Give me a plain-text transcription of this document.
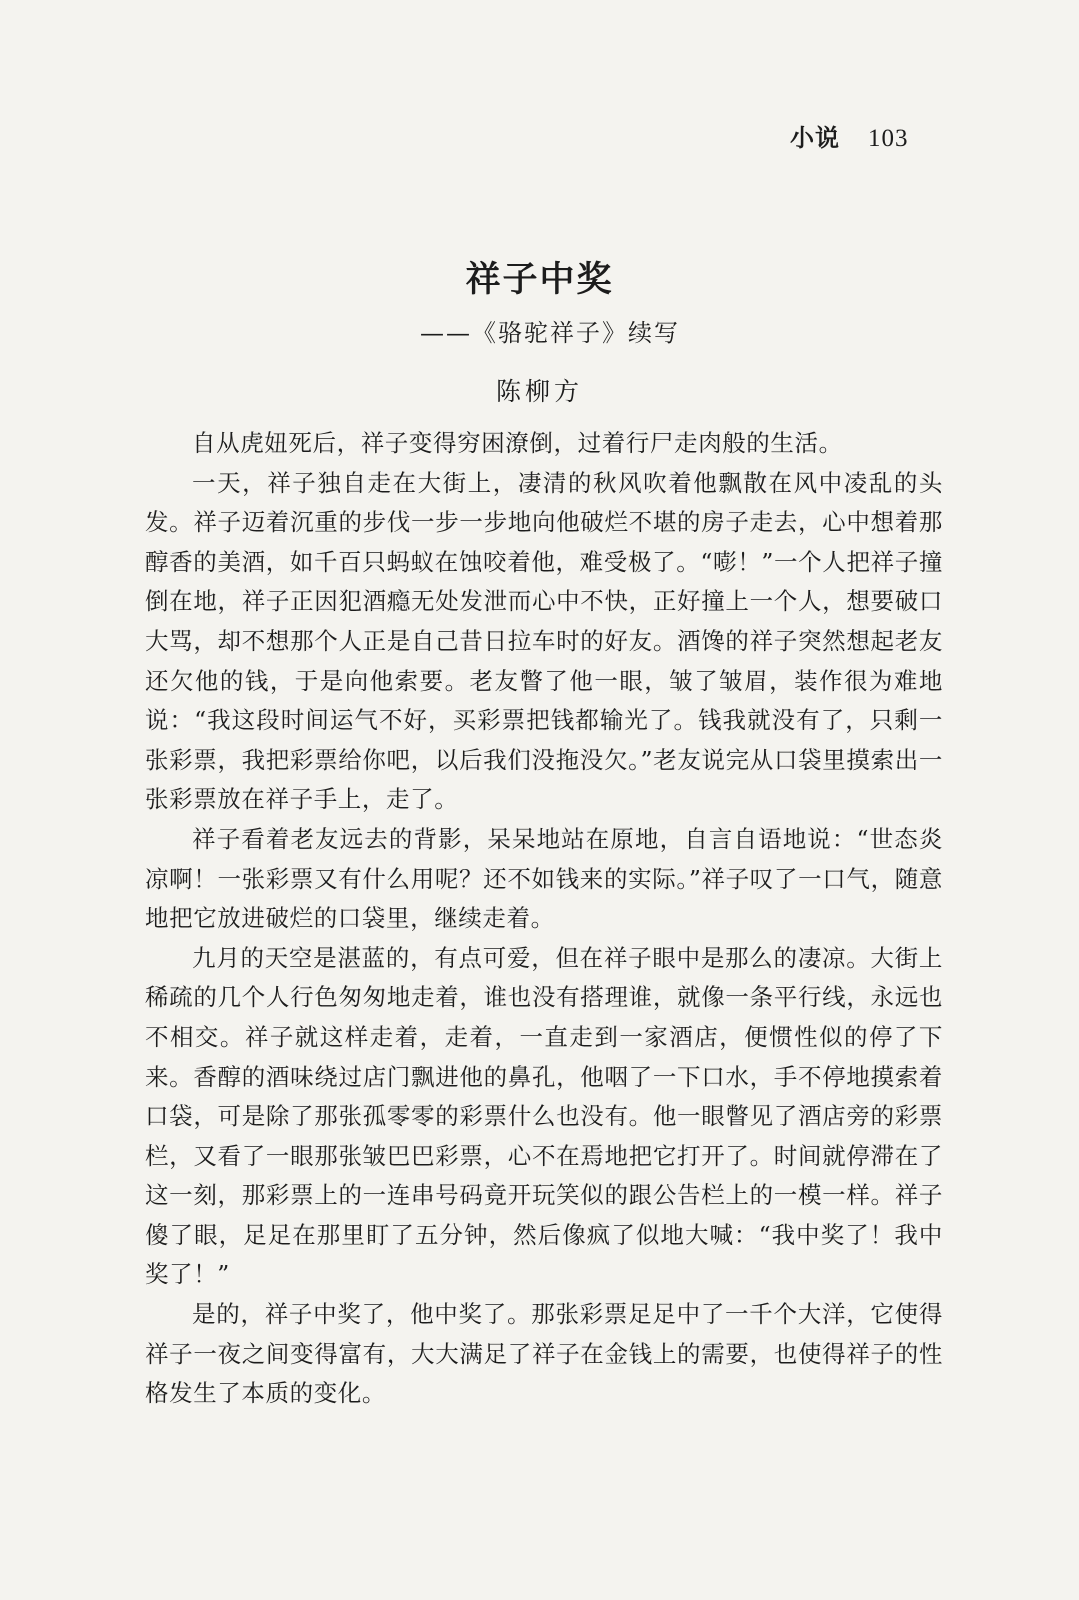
小说 103
祥子中奖
——《骆驼祥子》续写
陈柳方

自从虎妞死后，祥子变得穷困潦倒，过着行尸走肉般的生活。

一天，祥子独自走在大街上，凄清的秋风吹着他飘散在风中凌乱的头发。祥子迈着沉重的步伐一步一步地向他破烂不堪的房子走去，心中想着那醇香的美酒，如千百只蚂蚁在蚀咬着他，难受极了。“嘭！”一个人把祥子撞倒在地，祥子正因犯酒瘾无处发泄而心中不快，正好撞上一个人，想要破口大骂，却不想那个人正是自己昔日拉车时的好友。酒馋的祥子突然想起老友还欠他的钱，于是向他索要。老友瞥了他一眼，皱了皱眉，装作很为难地说：“我这段时间运气不好，买彩票把钱都输光了。钱我就没有了，只剩一张彩票，我把彩票给你吧，以后我们没拖没欠。”老友说完从口袋里摸索出一张彩票放在祥子手上，走了。

祥子看着老友远去的背影，呆呆地站在原地，自言自语地说：“世态炎凉啊！一张彩票又有什么用呢？还不如钱来的实际。”祥子叹了一口气，随意地把它放进破烂的口袋里，继续走着。

九月的天空是湛蓝的，有点可爱，但在祥子眼中是那么的凄凉。大街上稀疏的几个人行色匆匆地走着，谁也没有搭理谁，就像一条平行线，永远也不相交。祥子就这样走着，走着，一直走到一家酒店，便惯性似的停了下来。香醇的酒味绕过店门飘进他的鼻孔，他咽了一下口水，手不停地摸索着口袋，可是除了那张孤零零的彩票什么也没有。他一眼瞥见了酒店旁的彩票栏，又看了一眼那张皱巴巴彩票，心不在焉地把它打开了。时间就停滞在了这一刻，那彩票上的一连串号码竟开玩笑似的跟公告栏上的一模一样。祥子傻了眼，足足在那里盯了五分钟，然后像疯了似地大喊：“我中奖了！我中奖了！”

是的，祥子中奖了，他中奖了。那张彩票足足中了一千个大洋，它使得祥子一夜之间变得富有，大大满足了祥子在金钱上的需要，也使得祥子的性格发生了本质的变化。
